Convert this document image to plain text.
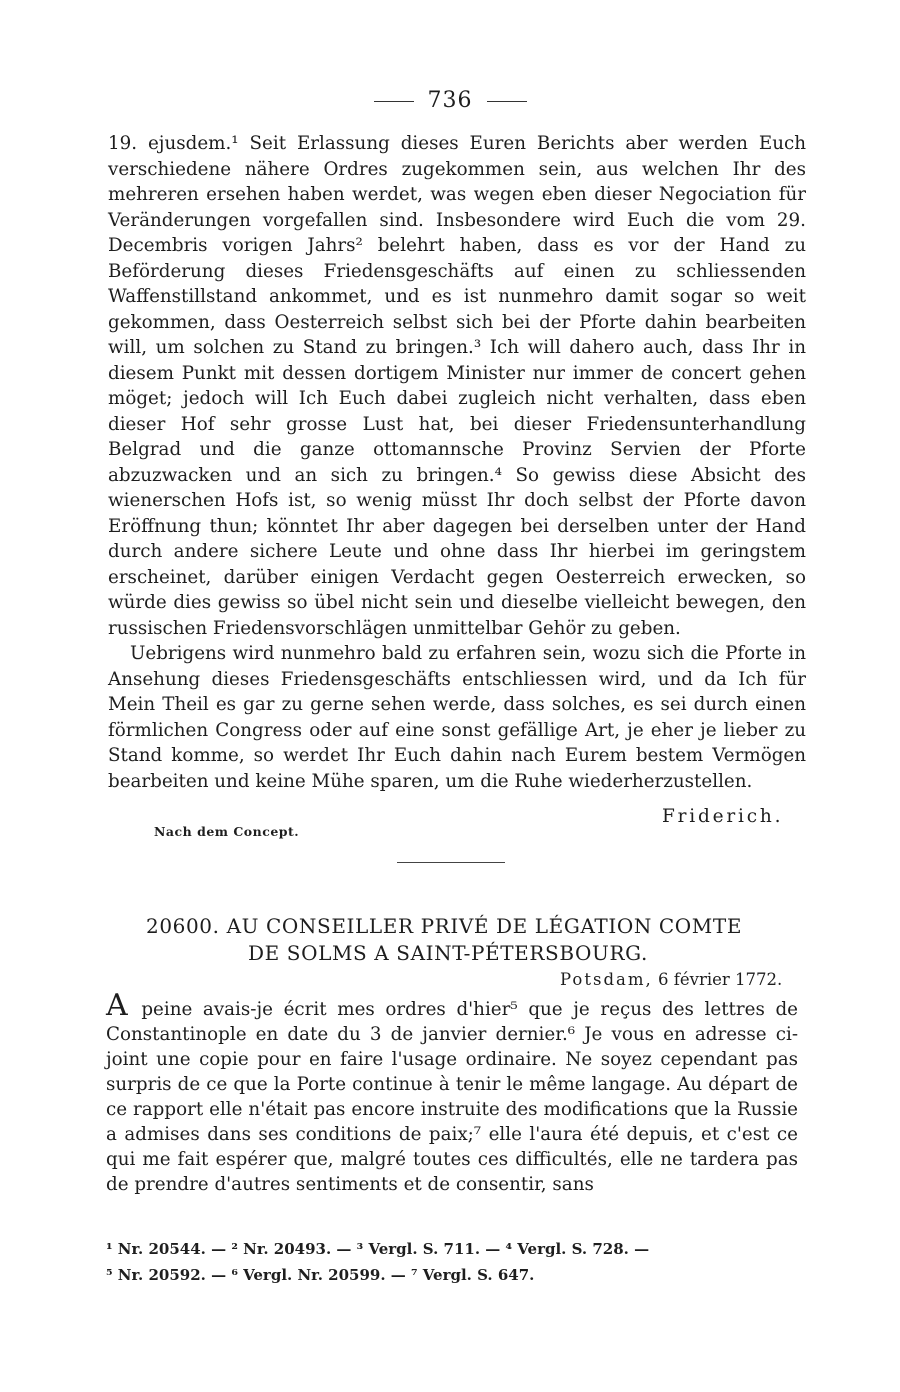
736

19. ejusdem.¹ Seit Erlassung dieses Euren Berichts aber werden Euch verschiedene nähere Ordres zugekommen sein, aus welchen Ihr des mehreren ersehen haben werdet, was wegen eben dieser Negociation für Veränderungen vorgefallen sind. Insbesondere wird Euch die vom 29. Decembris vorigen Jahrs² belehrt haben, dass es vor der Hand zu Beförderung dieses Friedensgeschäfts auf einen zu schliessenden Waffenstillstand ankommet, und es ist nunmehro damit sogar so weit gekommen, dass Oesterreich selbst sich bei der Pforte dahin bearbeiten will, um solchen zu Stand zu bringen.³ Ich will dahero auch, dass Ihr in diesem Punkt mit dessen dortigem Minister nur immer de concert gehen möget; jedoch will Ich Euch dabei zugleich nicht verhalten, dass eben dieser Hof sehr grosse Lust hat, bei dieser Friedensunterhandlung Belgrad und die ganze ottomannsche Provinz Servien der Pforte abzuzwacken und an sich zu bringen.⁴ So gewiss diese Absicht des wienerschen Hofs ist, so wenig müsst Ihr doch selbst der Pforte davon Eröffnung thun; könntet Ihr aber dagegen bei derselben unter der Hand durch andere sichere Leute und ohne dass Ihr hierbei im geringstem erscheinet, darüber einigen Verdacht gegen Oesterreich erwecken, so würde dies gewiss so übel nicht sein und dieselbe vielleicht bewegen, den russischen Friedensvorschlägen unmittelbar Gehör zu geben.

Uebrigens wird nunmehro bald zu erfahren sein, wozu sich die Pforte in Ansehung dieses Friedensgeschäfts entschliessen wird, und da Ich für Mein Theil es gar zu gerne sehen werde, dass solches, es sei durch einen förmlichen Congress oder auf eine sonst gefällige Art, je eher je lieber zu Stand komme, so werdet Ihr Euch dahin nach Eurem bestem Vermögen bearbeiten und keine Mühe sparen, um die Ruhe wiederherzustellen.

Friderich.
Nach dem Concept.
20600. AU CONSEILLER PRIVÉ DE LÉGATION COMTE
DE SOLMS A SAINT-PÉTERSBOURG.
Potsdam, 6 février 1772.
A peine avais-je écrit mes ordres d'hier⁵ que je reçus des lettres de Constantinople en date du 3 de janvier dernier.⁶ Je vous en adresse ci-joint une copie pour en faire l'usage ordinaire. Ne soyez cependant pas surpris de ce que la Porte continue à tenir le même langage. Au départ de ce rapport elle n'était pas encore instruite des modifications que la Russie a admises dans ses conditions de paix;⁷ elle l'aura été depuis, et c'est ce qui me fait espérer que, malgré toutes ces difficultés, elle ne tardera pas de prendre d'autres sentiments et de consentir, sans
¹ Nr. 20544. — ² Nr. 20493. — ³ Vergl. S. 711. — ⁴ Vergl. S. 728. —
⁵ Nr. 20592. — ⁶ Vergl. Nr. 20599. — ⁷ Vergl. S. 647.
